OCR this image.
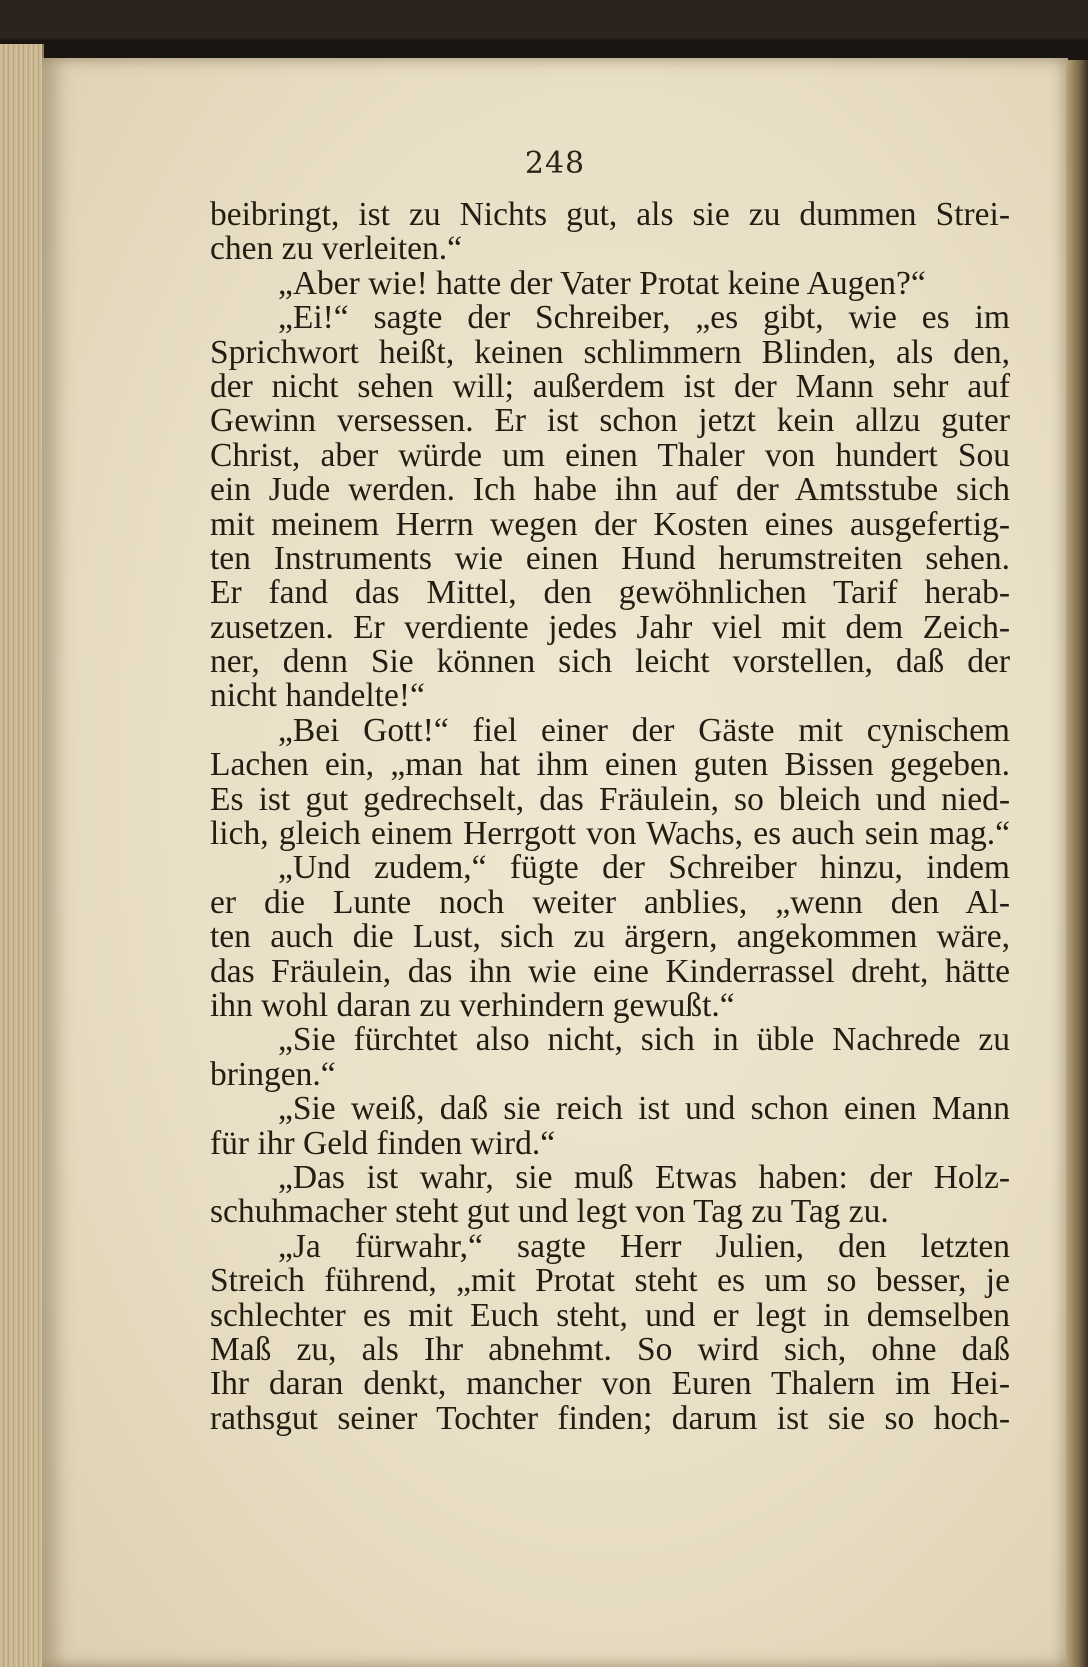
248
beibringt, ist zu Nichts gut, als sie zu dummen Strei-
chen zu verleiten.“
„Aber wie! hatte der Vater Protat keine Augen?“
„Ei!“ sagte der Schreiber, „es gibt, wie es im
Sprichwort heißt, keinen schlimmern Blinden, als den,
der nicht sehen will; außerdem ist der Mann sehr auf
Gewinn versessen. Er ist schon jetzt kein allzu guter
Christ, aber würde um einen Thaler von hundert Sou
ein Jude werden. Ich habe ihn auf der Amtsstube sich
mit meinem Herrn wegen der Kosten eines ausgefertig-
ten Instruments wie einen Hund herumstreiten sehen.
Er fand das Mittel, den gewöhnlichen Tarif herab-
zusetzen. Er verdiente jedes Jahr viel mit dem Zeich-
ner, denn Sie können sich leicht vorstellen, daß der
nicht handelte!“
„Bei Gott!“ fiel einer der Gäste mit cynischem
Lachen ein, „man hat ihm einen guten Bissen gegeben.
Es ist gut gedrechselt, das Fräulein, so bleich und nied-
lich, gleich einem Herrgott von Wachs, es auch sein mag.“
„Und zudem,“ fügte der Schreiber hinzu, indem
er die Lunte noch weiter anblies, „wenn den Al-
ten auch die Lust, sich zu ärgern, angekommen wäre,
das Fräulein, das ihn wie eine Kinderrassel dreht, hätte
ihn wohl daran zu verhindern gewußt.“
„Sie fürchtet also nicht, sich in üble Nachrede zu
bringen.“
„Sie weiß, daß sie reich ist und schon einen Mann
für ihr Geld finden wird.“
„Das ist wahr, sie muß Etwas haben: der Holz-
schuhmacher steht gut und legt von Tag zu Tag zu.
„Ja fürwahr,“ sagte Herr Julien, den letzten
Streich führend, „mit Protat steht es um so besser, je
schlechter es mit Euch steht, und er legt in demselben
Maß zu, als Ihr abnehmt. So wird sich, ohne daß
Ihr daran denkt, mancher von Euren Thalern im Hei-
rathsgut seiner Tochter finden; darum ist sie so hoch-
